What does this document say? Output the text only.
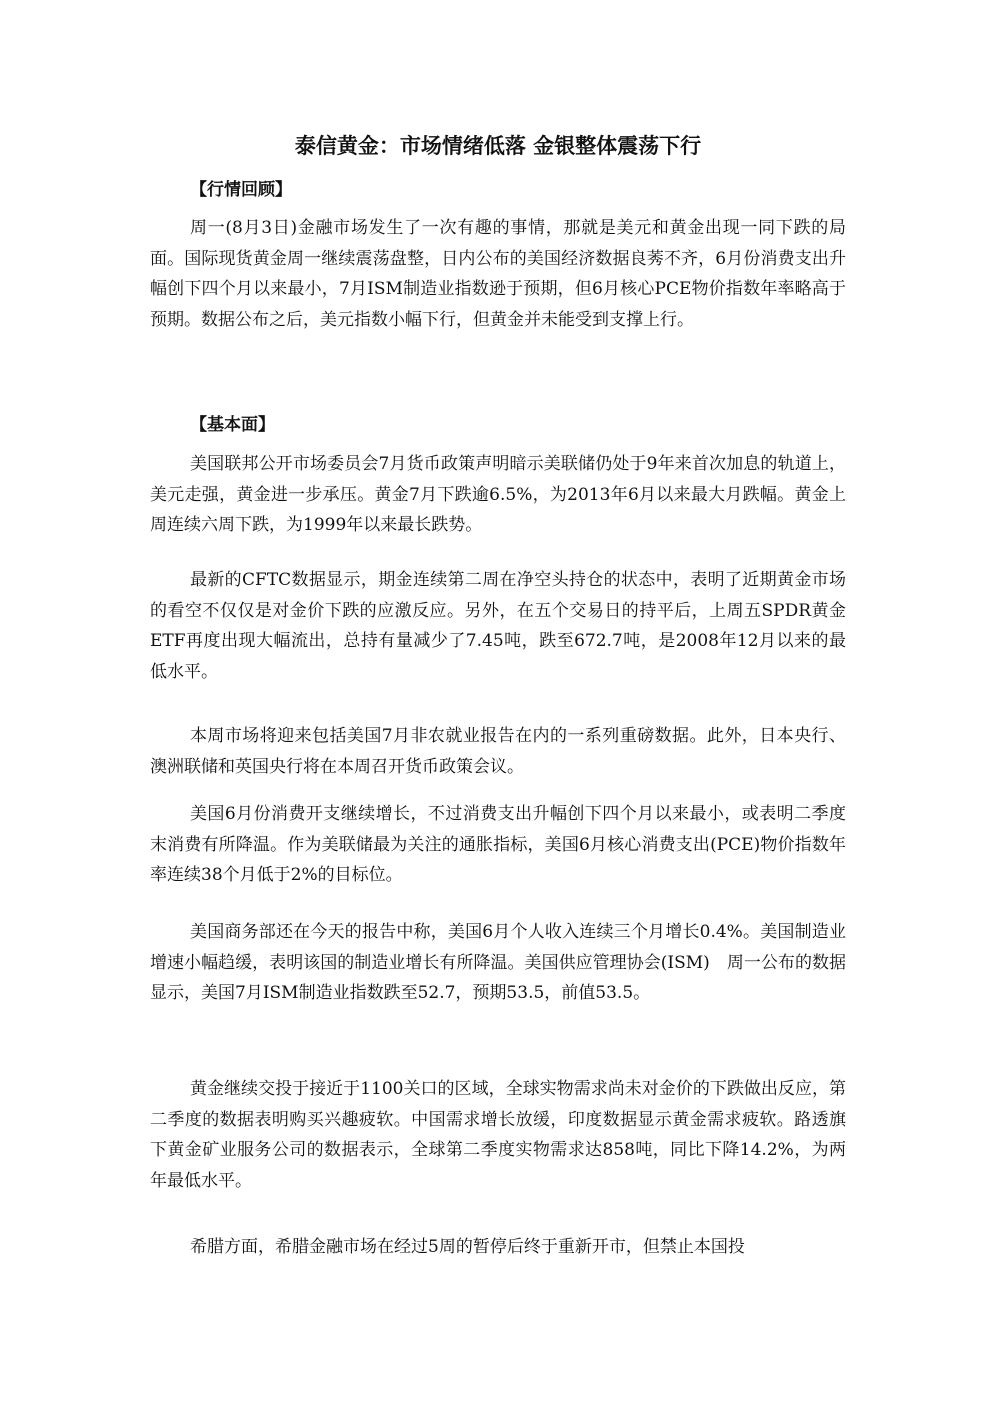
泰信黄金：市场情绪低落 金银整体震荡下行
【行情回顾】

周一(8月3日)金融市场发生了一次有趣的事情，那就是美元和黄金出现一同下跌的局面。国际现货黄金周一继续震荡盘整，日内公布的美国经济数据良莠不齐，6月份消费支出升幅创下四个月以来最小，7月ISM制造业指数逊于预期，但6月核心PCE物价指数年率略高于预期。数据公布之后，美元指数小幅下行，但黄金并未能受到支撑上行。

【基本面】

美国联邦公开市场委员会7月货币政策声明暗示美联储仍处于9年来首次加息的轨道上，美元走强，黄金进一步承压。黄金7月下跌逾6.5%，为2013年6月以来最大月跌幅。黄金上周连续六周下跌，为1999年以来最长跌势。

最新的CFTC数据显示，期金连续第二周在净空头持仓的状态中，表明了近期黄金市场的看空不仅仅是对金价下跌的应激反应。另外，在五个交易日的持平后，上周五SPDR黄金ETF再度出现大幅流出，总持有量减少了7.45吨，跌至672.7吨，是2008年12月以来的最低水平。

本周市场将迎来包括美国7月非农就业报告在内的一系列重磅数据。此外，日本央行、澳洲联储和英国央行将在本周召开货币政策会议。

美国6月份消费开支继续增长，不过消费支出升幅创下四个月以来最小，或表明二季度末消费有所降温。作为美联储最为关注的通胀指标，美国6月核心消费支出(PCE)物价指数年率连续38个月低于2%的目标位。

美国商务部还在今天的报告中称，美国6月个人收入连续三个月增长0.4%。美国制造业增速小幅趋缓，表明该国的制造业增长有所降温。美国供应管理协会(ISM)　周一公布的数据显示，美国7月ISM制造业指数跌至52.7，预期53.5，前值53.5。

黄金继续交投于接近于1100关口的区域，全球实物需求尚未对金价的下跌做出反应，第二季度的数据表明购买兴趣疲软。中国需求增长放缓，印度数据显示黄金需求疲软。路透旗下黄金矿业服务公司的数据表示，全球第二季度实物需求达858吨，同比下降14.2%，为两年最低水平。

希腊方面，希腊金融市场在经过5周的暂停后终于重新开市，但禁止本国投
